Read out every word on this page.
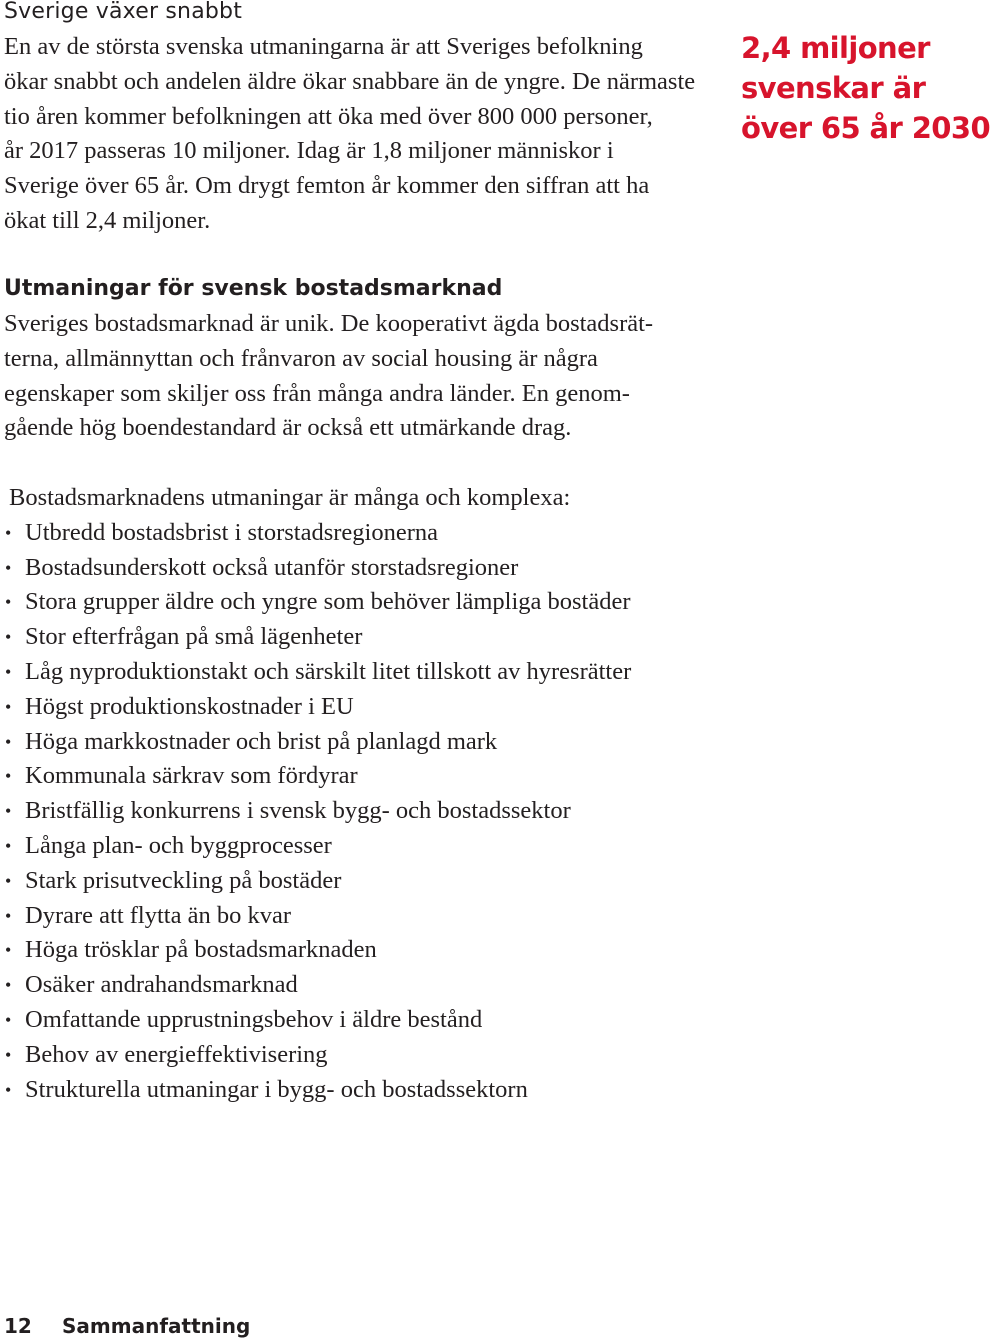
Sverige växer snabbt
En av de största svenska utmaningarna är att Sveriges befolkning
ökar snabbt och andelen äldre ökar snabbare än de yngre. De närmaste
tio åren kommer befolkningen att öka med över 800 000 personer,
år 2017 passeras 10 miljoner. Idag är 1,8 miljoner människor i
Sverige över 65 år. Om drygt femton år kommer den siffran att ha
ökat till 2,4 miljoner.
2,4 miljoner
svenskar är
över 65 år 2030
Utmaningar för svensk bostadsmarknad
Sveriges bostadsmarknad är unik. De kooperativt ägda bostadsrät-
terna, allmännyttan och frånvaron av social housing är några
egenskaper som skiljer oss från många andra länder. En genom-
gående hög boendestandard är också ett utmärkande drag.
Bostadsmarknadens utmaningar är många och komplexa:
• Utbredd bostadsbrist i storstadsregionerna
• Bostadsunderskott också utanför storstadsregioner
• Stora grupper äldre och yngre som behöver lämpliga bostäder
• Stor efterfrågan på små lägenheter
• Låg nyproduktionstakt och särskilt litet tillskott av hyresrätter
• Högst produktionskostnader i EU
• Höga markkostnader och brist på planlagd mark
• Kommunala särkrav som fördyrar
• Bristfällig konkurrens i svensk bygg- och bostadssektor
• Långa plan- och byggprocesser
• Stark prisutveckling på bostäder
• Dyrare att flytta än bo kvar
• Höga trösklar på bostadsmarknaden
• Osäker andrahandsmarknad
• Omfattande upprustningsbehov i äldre bestånd
• Behov av energieffektivisering
• Strukturella utmaningar i bygg- och bostadssektorn
12 Sammanfattning
